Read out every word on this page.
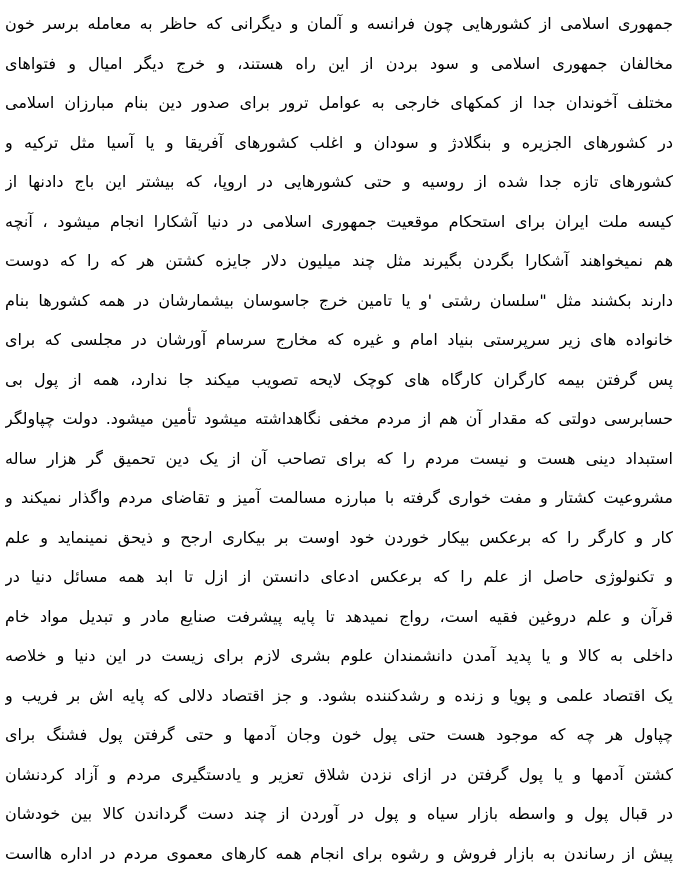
جمهوری اسلامی از کشورهایی چون فرانسه و آلمان و دیگرانی که حاظر به معامله برسر خون
مخالفان جمهوری اسلامی و سود بردن از این راه هستند، و خرج دیگر امیال و فتواهای
مختلف آخوندان جدا از کمکهای خارجی به عوامل ترور برای صدور دین بنام مبارزان اسلامی
در کشورهای الجزیره و بنگلادژ و سودان و اغلب کشورهای آفریقا و یا آسیا مثل ترکیه و
کشورهای تازه جدا شده از روسیه و حتی کشورهایی در اروپا، که بیشتر این باج دادنها از
کیسه ملت ایران برای استحکام موقعیت جمهوری اسلامی در دنیا آشکارا انجام میشود ، آنچه
هم نمیخواهند آشکارا بگردن بگیرند مثل چند میلیون دلار جایزه کشتن هر که را که دوست
دارند بکشند مثل "سلسان رشتی 'و یا تامین خرج جاسوسان بیشمارشان در همه کشورها بنام
خانواده های زیر سرپرستی بنیاد امام و غیره که مخارج سرسام آورشان در مجلسی که برای
پس گرفتن بیمه کارگران کارگاه های کوچک لایحه تصویب میکند جا ندارد، همه از پول بی
حسابرسی دولتی که مقدار آن هم از مردم مخفی نگاهداشته میشود تأمین میشود. دولت چپاولگر
استبداد دینی هست و نیست مردم را که برای تصاحب آن از یک دین تحمیق گر هزار ساله
مشروعیت کشتار و مفت خواری گرفته با مبارزه مسالمت آمیز و تقاضای مردم واگذار نمیکند و
کار و کارگر را که برعکس بیکار خوردن خود اوست بر بیکاری ارجح و ذیحق نمینماید و علم
و تکنولوژی حاصل از علم را که برعکس ادعای دانستن از ازل تا ابد همه مسائل دنیا در
قرآن و علم دروغین فقیه است، رواج نمیدهد تا پایه پیشرفت صنایع مادر و تبدیل مواد خام
داخلی به کالا و یا پدید آمدن دانشمندان علوم بشری لازم برای زیست در این دنیا و خلاصه
یک اقتصاد علمی و پویا و زنده و رشدکننده بشود. و جز اقتصاد دلالی که پایه اش بر فریب و
چپاول هر چه که موجود هست حتی پول خون وجان آدمها و حتی گرفتن پول فشنگ برای
کشتن آدمها و یا پول گرفتن در ازای نزدن شلاق تعزیر و یادستگیری مردم و آزاد کردنشان
در قبال پول و واسطه بازار سیاه و پول در آوردن از چند دست گرداندن کالا بین خودشان
پیش از رساندن به بازار فروش و رشوه برای انجام همه کارهای معموی مردم در اداره هااست
